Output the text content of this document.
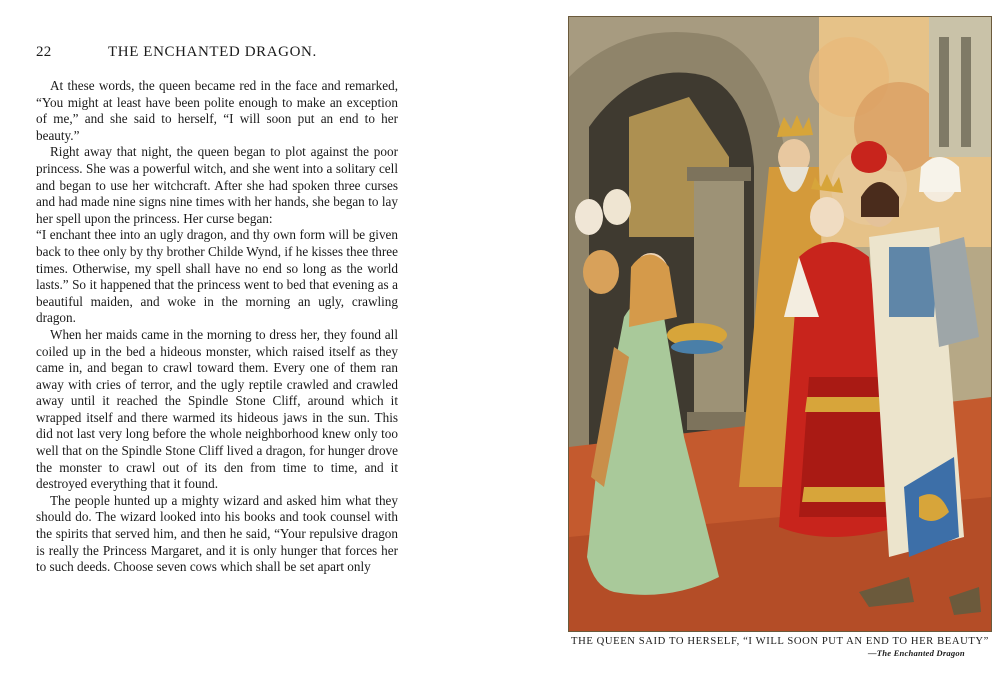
22	THE ENCHANTED DRAGON.

At these words, the queen became red in the face and remarked, “You might at least have been polite enough to make an exception of me,” and she said to herself, “I will soon put an end to her beauty.”

Right away that night, the queen began to plot against the poor princess. She was a powerful witch, and she went into a solitary cell and began to use her witchcraft. After she had spoken three curses and had made nine signs nine times with her hands, she began to lay her spell upon the princess. Her curse began:

“I enchant thee into an ugly dragon, and thy own form will be given back to thee only by thy brother Childe Wynd, if he kisses thee three times. Otherwise, my spell shall have no end so long as the world lasts.” So it happened that the princess went to bed that evening as a beautiful maiden, and woke in the morning an ugly, crawling dragon.

When her maids came in the morning to dress her, they found all coiled up in the bed a hideous monster, which raised itself as they came in, and began to crawl toward them. Every one of them ran away with cries of terror, and the ugly reptile crawled and crawled away until it reached the Spindle Stone Cliff, around which it wrapped itself and there warmed its hideous jaws in the sun. This did not last very long before the whole neighborhood knew only too well that on the Spindle Stone Cliff lived a dragon, for hunger drove the monster to crawl out of its den from time to time, and it destroyed everything that it found.

The people hunted up a mighty wizard and asked him what they should do. The wizard looked into his books and took counsel with the spirits that served him, and then he said, “Your repulsive dragon is really the Princess Margaret, and it is only hunger that forces her to such deeds. Choose seven cows which shall be set apart only

THE QUEEN SAID TO HERSELF, “I WILL SOON PUT AN END TO HER BEAUTY”
—The Enchanted Dragon
